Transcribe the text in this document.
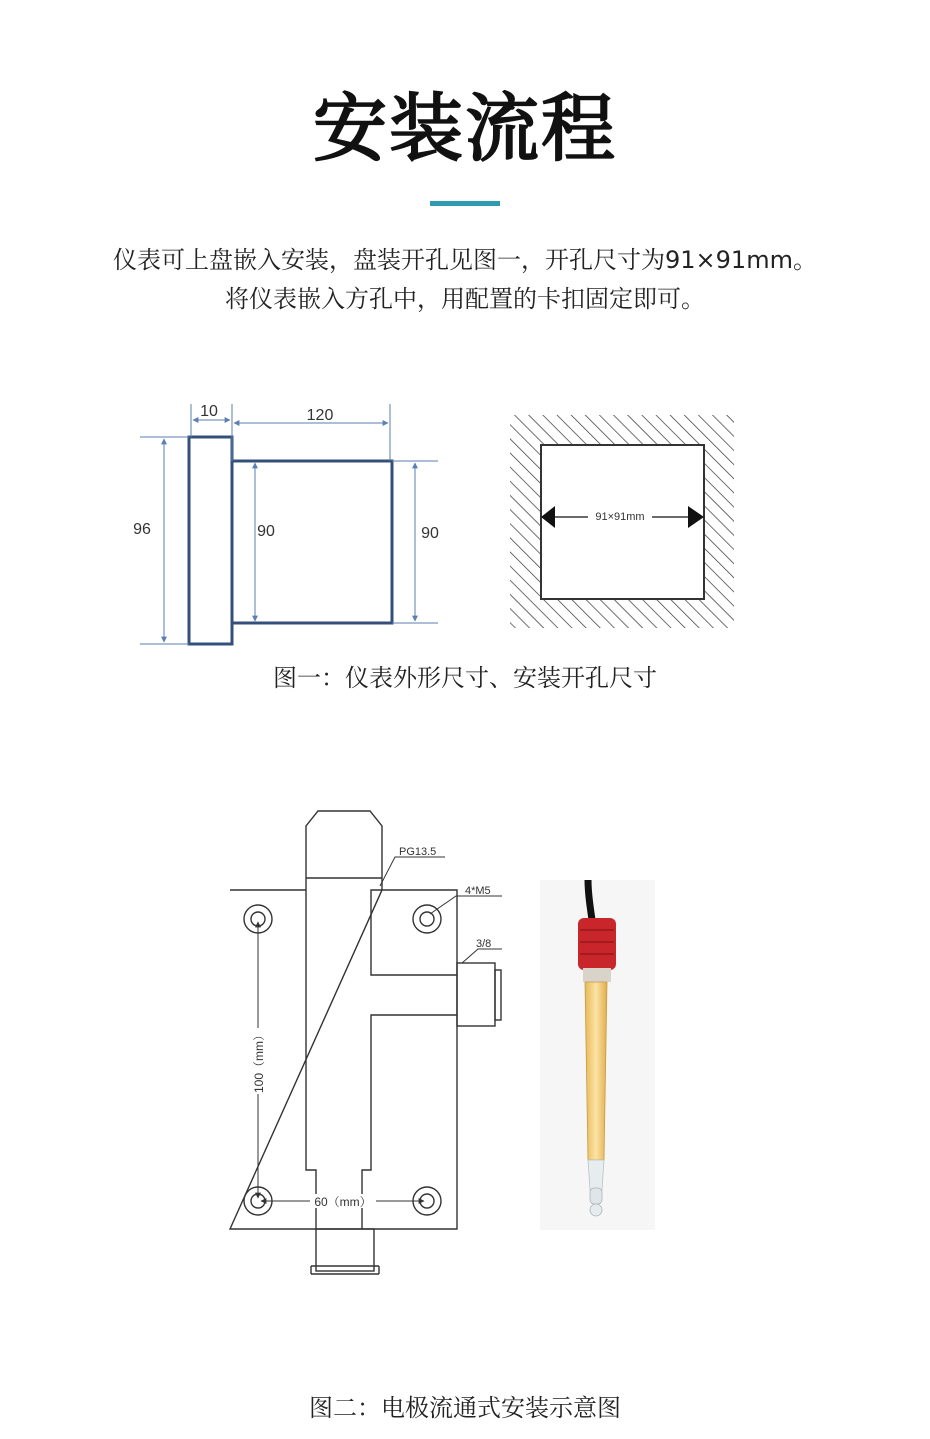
安装流程
仪表可上盘嵌入安装，盘装开孔见图一，开孔尺寸为91×91mm。
将仪表嵌入方孔中，用配置的卡扣固定即可。
10	120
96	90	90
91×91mm
图一：仪表外形尺寸、安装开孔尺寸
60（mm）
100（mm）
PG13.5
4*M5
3/8
图二：电极流通式安装示意图
